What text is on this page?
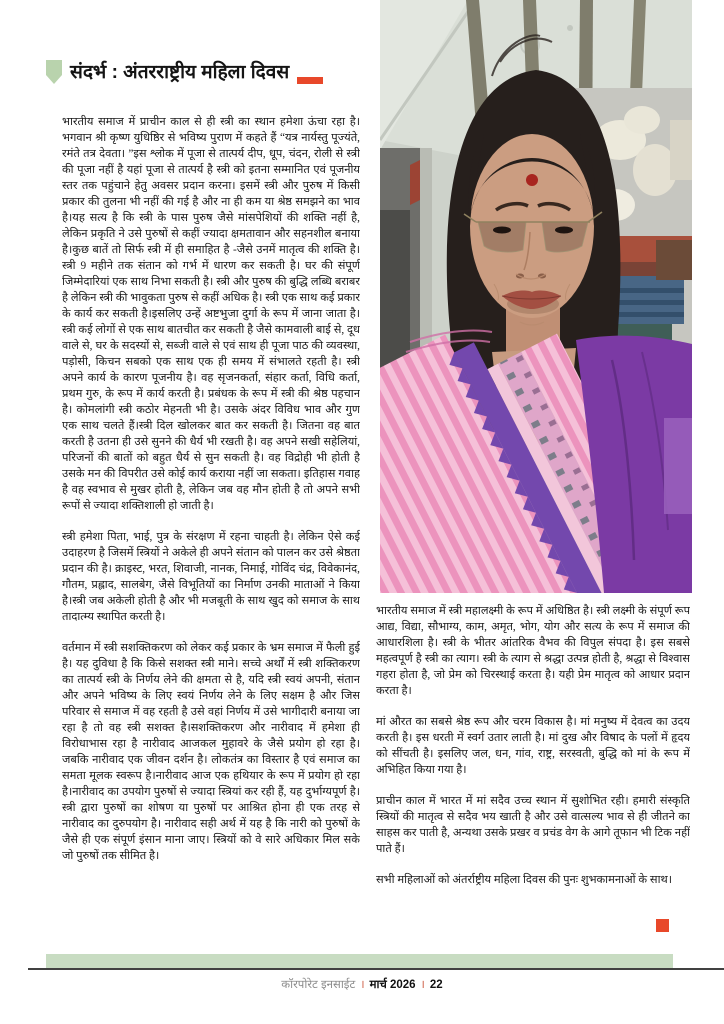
संदर्भ : अंतरराष्ट्रीय महिला दिवस

भारतीय समाज में प्राचीन काल से ही स्त्री का स्थान हमेशा ऊंचा रहा है। भगवान श्री कृष्ण युधिष्ठिर से भविष्य पुराण में कहते हैं “यत्र नार्यस्तु पूज्यंते, रमंते तत्र देवता। ”इस श्लोक में पूजा से तात्पर्य दीप, धूप, चंदन, रोली से स्त्री की पूजा नहीं है यहां पूजा से तात्पर्य है स्त्री को इतना सम्मानित एवं पूजनीय स्तर तक पहुंचाने हेतु अवसर प्रदान करना। इसमें स्त्री और पुरुष में किसी प्रकार की तुलना भी नहीं की गई है और ना ही कम या श्रेष्ठ समझने का भाव है।यह सत्य है कि स्त्री के पास पुरुष जैसे मांसपेशियों की शक्ति नहीं है, लेकिन प्रकृति ने उसे पुरुषों से कहीं ज्यादा क्षमतावान और सहनशील बनाया है।कुछ बातें तो सिर्फ स्त्री में ही समाहित है -जैसे उनमें मातृत्व की शक्ति है।स्त्री 9 महीने तक संतान को गर्भ में धारण कर सकती है। घर की संपूर्ण जिम्मेदारियां एक साथ निभा सकती है। स्त्री और पुरुष की बुद्धि लब्धि बराबर है लेकिन स्त्री की भावुकता पुरुष से कहीं अधिक है। स्त्री एक साथ कई प्रकार के कार्य कर सकती है।इसलिए उन्हें अष्टभुजा दुर्गा के रूप में जाना जाता है। स्त्री कई लोगों से एक साथ बातचीत कर सकती है जैसे कामवाली बाई से, दूध वाले से, घर के सदस्यों से, सब्जी वाले से एवं साथ ही पूजा पाठ की व्यवस्था, पड़ोसी, किचन सबको एक साथ एक ही समय में संभालते रहती है। स्त्री अपने कार्य के कारण पूजनीय है। वह सृजनकर्ता, संहार कर्ता, विधि कर्ता, प्रथम गुरु, के रूप में कार्य करती है। प्रबंधक के रूप में स्त्री की श्रेष्ठ पहचान है। कोमलांगी स्त्री कठोर मेहनती भी है। उसके अंदर विविध भाव और गुण एक साथ चलते हैं।स्त्री दिल खोलकर बात कर सकती है। जितना वह बात करती है उतना ही उसे सुनने की धैर्य भी रखती है। वह अपने सखी सहेलियां, परिजनों की बातों को बहुत धैर्य से सुन सकती है। वह विद्रोही भी होती है उसके मन की विपरीत उसे कोई कार्य कराया नहीं जा सकता। इतिहास गवाह है वह स्वभाव से मुखर होती है, लेकिन जब वह मौन होती है तो अपने सभी रूपों से ज्यादा शक्तिशाली हो जाती है।

स्त्री हमेशा पिता, भाई, पुत्र के संरक्षण में रहना चाहती है। लेकिन ऐसे कई उदाहरण है जिसमें स्त्रियों ने अकेले ही अपने संतान को पालन कर उसे श्रेष्ठता प्रदान की है। क्राइस्ट, भरत, शिवाजी, नानक, निमाई, गोविंद चंद्र, विवेकानंद, गौतम, प्रह्लाद, सालबेग, जैसे विभूतियों का निर्माण उनकी माताओं ने किया है।स्त्री जब अकेली होती है और भी मजबूती के साथ खुद को समाज के साथ तादात्म्य स्थापित करती है।

वर्तमान में स्त्री सशक्तिकरण को लेकर कई प्रकार के भ्रम समाज में फैली हुई है। यह दुविधा है कि किसे सशक्त स्त्री माने। सच्चे अर्थों में स्त्री शक्तिकरण का तात्पर्य स्त्री के निर्णय लेने की क्षमता से है, यदि स्त्री स्वयं अपनी, संतान और अपने भविष्य के लिए स्वयं निर्णय लेने के लिए सक्षम है और जिस परिवार से समाज में वह रहती है उसे वहां निर्णय में उसे भागीदारी बनाया जा रहा है तो वह स्त्री सशक्त है।सशक्तिकरण और नारीवाद में हमेशा ही विरोधाभास रहा है नारीवाद आजकल मुहावरे के जैसे प्रयोग हो रहा है। जबकि नारीवाद एक जीवन दर्शन है। लोकतंत्र का विस्तार है एवं समाज का समता मूलक स्वरूप है।नारीवाद आज एक हथियार के रूप में प्रयोग हो रहा है।नारीवाद का उपयोग पुरुषों से ज्यादा स्त्रियां कर रही हैं, यह दुर्भाग्यपूर्ण है। स्त्री द्वारा पुरुषों का शोषण या पुरुषों पर आश्रित होना ही एक तरह से नारीवाद का दुरुपयोग है। नारीवाद सही अर्थ में यह है कि नारी को पुरुषों के जैसे ही एक संपूर्ण इंसान माना जाए। स्त्रियों को वे सारे अधिकार मिल सके जो पुरुषों तक सीमित है।

भारतीय समाज में स्त्री महालक्ष्मी के रूप में अधिष्ठित है। स्त्री लक्ष्मी के संपूर्ण रूप आद्य, विद्या, सौभाग्य, काम, अमृत, भोग, योग और सत्य के रूप में समाज की आधारशिला है। स्त्री के भीतर आंतरिक वैभव की विपुल संपदा है। इस सबसे महत्वपूर्ण है स्त्री का त्याग। स्त्री के त्याग से श्रद्धा उत्पन्न होती है, श्रद्धा से विश्वास गहरा होता है, जो प्रेम को चिरस्थाई करता है। यही प्रेम मातृत्व को आधार प्रदान करता है।

मां औरत का सबसे श्रेष्ठ रूप और चरम विकास है। मां मनुष्य में देवत्व का उदय करती है। इस धरती में स्वर्ग उतार लाती है। मां दुख और विषाद के पलों में हृदय को सींचती है। इसलिए जल, धन, गांव, राष्ट्र, सरस्वती, बुद्धि को मां के रूप में अभिहित किया गया है।

प्राचीन काल में भारत में मां सदैव उच्च स्थान में सुशोभित रही। हमारी संस्कृति स्त्रियों की मातृत्व से सदैव भय खाती है और उसे वात्सल्य भाव से ही जीतने का साहस कर पाती है, अन्यथा उसके प्रखर व प्रचंड वेग के आगे तूफान भी टिक नहीं पाते हैं।

सभी महिलाओं को अंतर्राष्ट्रीय महिला दिवस की पुनः शुभकामनाओं के साथ।

कॉरपोरेट इनसाईट । मार्च 2026 । 22
